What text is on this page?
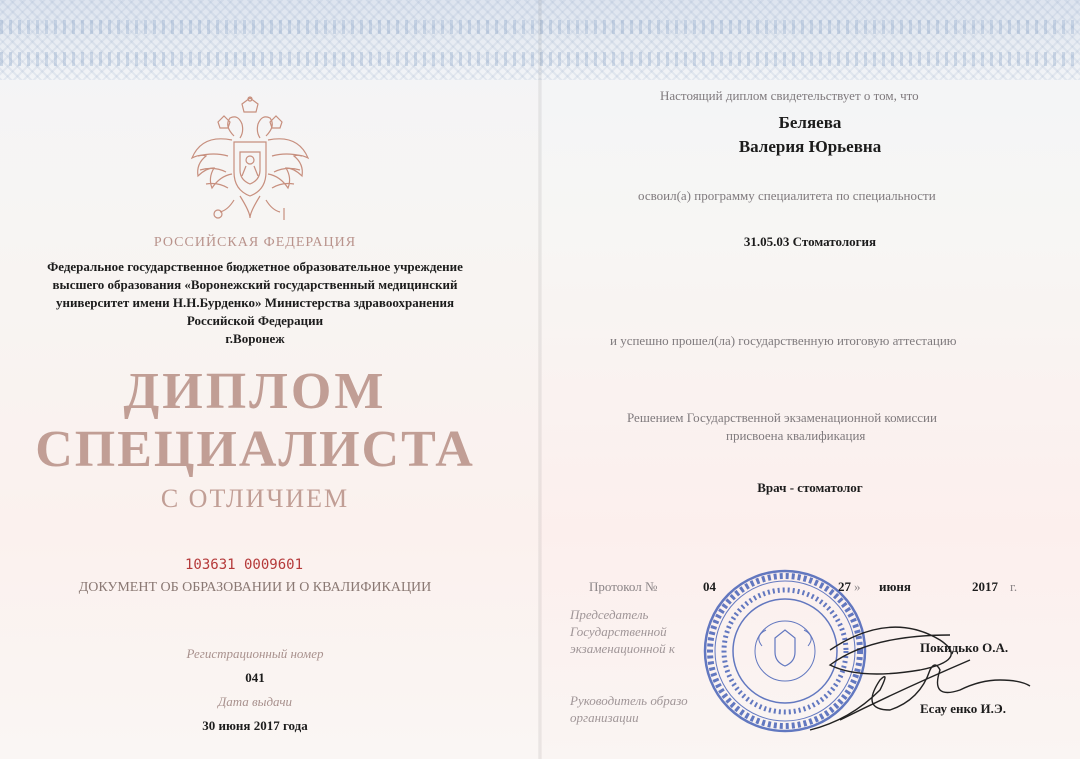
РОССИЙСКАЯ ФЕДЕРАЦИЯ
Федеральное государственное бюджетное образовательное учреждение
высшего образования «Воронежский государственный медицинский
университет имени Н.Н.Бурденко» Министерства здравоохранения
Российской Федерации
г.Воронеж
ДИПЛОМ
СПЕЦИАЛИСТА
С ОТЛИЧИЕМ
103631 0009601
ДОКУМЕНТ ОБ ОБРАЗОВАНИИ И О КВАЛИФИКАЦИИ
Регистрационный номер
041
Дата выдачи
30 июня 2017 года
Настоящий диплом свидетельствует о том, что
Беляева
Валерия Юрьевна
освоил(а) программу специалитета по специальности
31.05.03 Стоматология
и успешно прошел(ла) государственную итоговую аттестацию
Решением Государственной экзаменационной комиссии
присвоена квалификация
Врач - стоматолог
Протокол №	04	27 » июня	2017 г.
Председатель
Государственной
экзаменационной к	Покидько О.А.
Руководитель образо
организации
Есау енко И.Э.
